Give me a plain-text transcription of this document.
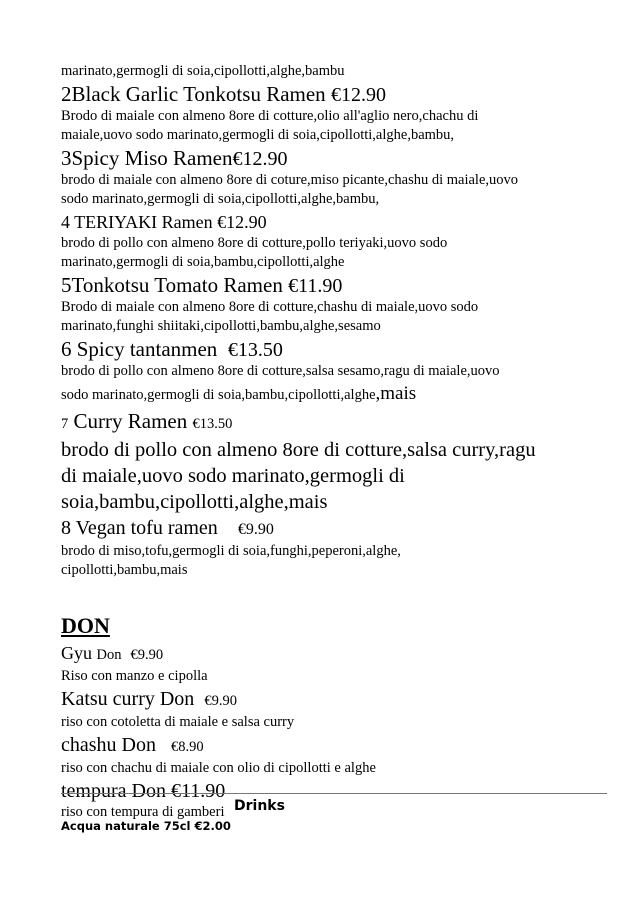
marinato,germogli di soia,cipollotti,alghe,bambu
2Black Garlic Tonkotsu Ramen €12.90
Brodo di maiale con almeno 8ore di cotture,olio all'aglio nero,chachu di
maiale,uovo sodo marinato,germogli di soia,cipollotti,alghe,bambu,
3Spicy Miso Ramen€12.90
brodo di maiale con almeno 8ore di coture,miso picante,chashu di maiale,uovo
sodo marinato,germogli di soia,cipollotti,alghe,bambu,
4 TERIYAKI Ramen €12.90
brodo di pollo con almeno 8ore di cotture,pollo teriyaki,uovo sodo
marinato,germogli di soia,bambu,cipollotti,alghe
5Tonkotsu Tomato Ramen €11.90
Brodo di maiale con almeno 8ore di cotture,chashu di maiale,uovo sodo
marinato,funghi shiitaki,cipollotti,bambu,alghe,sesamo
6 Spicy tantanmen €13.50
brodo di pollo con almeno 8ore di cotture,salsa sesamo,ragu di maiale,uovo
sodo marinato,germogli di soia,bambu,cipollotti,alghe,mais
7 Curry Ramen €13.50
brodo di pollo con almeno 8ore di cotture,salsa curry,ragu
di maiale,uovo sodo marinato,germogli di
soia,bambu,cipollotti,alghe,mais
8 Vegan tofu ramen €9.90
brodo di miso,tofu,germogli di soia,funghi,peperoni,alghe,
cipollotti,bambu,mais
DON
Gyu Don €9.90
Riso con manzo e cipolla
Katsu curry Don €9.90
riso con cotoletta di maiale e salsa curry
chashu Don €8.90
riso con chachu di maiale con olio di cipollotti e alghe
tempura Don €11.90
riso con tempura di gamberi Drinks
Acqua naturale 75cl €2.00
